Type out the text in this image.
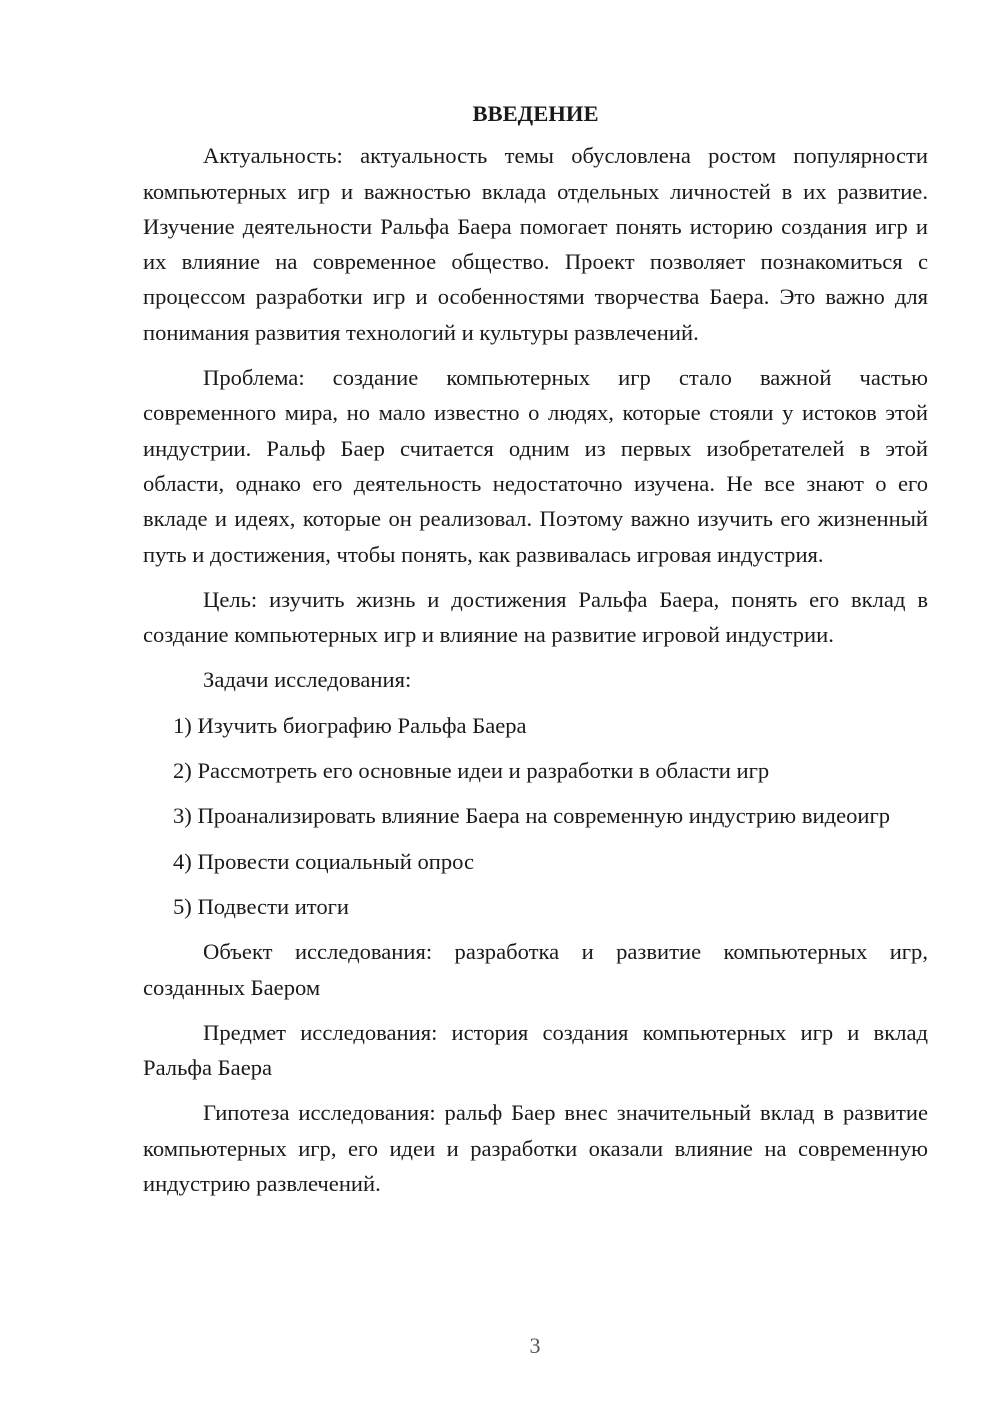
ВВЕДЕНИЕ

Актуальность: актуальность темы обусловлена ростом популярности компьютерных игр и важностью вклада отдельных личностей в их развитие. Изучение деятельности Ральфа Баера помогает понять историю создания игр и их влияние на современное общество. Проект позволяет познакомиться с процессом разработки игр и особенностями творчества Баера. Это важно для понимания развития технологий и культуры развлечений.

Проблема: создание компьютерных игр стало важной частью современного мира, но мало известно о людях, которые стояли у истоков этой индустрии. Ральф Баер считается одним из первых изобретателей в этой области, однако его деятельность недостаточно изучена. Не все знают о его вкладе и идеях, которые он реализовал. Поэтому важно изучить его жизненный путь и достижения, чтобы понять, как развивалась игровая индустрия.

Цель: изучить жизнь и достижения Ральфа Баера, понять его вклад в создание компьютерных игр и влияние на развитие игровой индустрии.

Задачи исследования:

1) Изучить биографию Ральфа Баера

2) Рассмотреть его основные идеи и разработки в области игр

3) Проанализировать влияние Баера на современную индустрию видеоигр

4) Провести социальный опрос

5) Подвести итоги

Объект исследования: разработка и развитие компьютерных игр, созданных Баером

Предмет исследования: история создания компьютерных игр и вклад Ральфа Баера

Гипотеза исследования: ральф Баер внес значительный вклад в развитие компьютерных игр, его идеи и разработки оказали влияние на современную индустрию развлечений.

3
